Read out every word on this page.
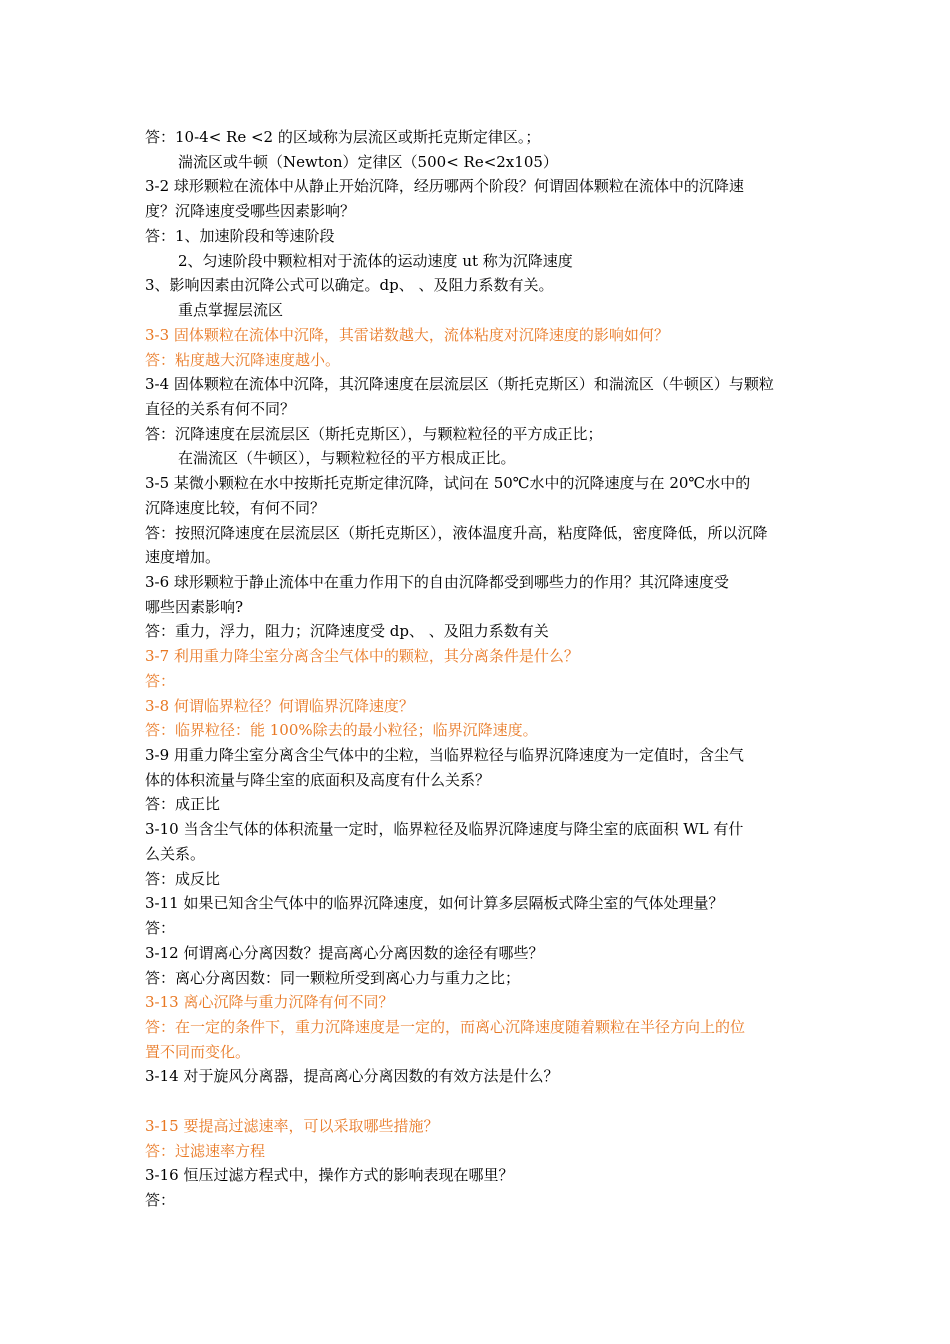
答：10-4< Re <2 的区域称为层流区或斯托克斯定律区。；

湍流区或牛顿（Newton）定律区（500< Re<2x105）

3-2 球形颗粒在流体中从静止开始沉降，经历哪两个阶段？何谓固体颗粒在流体中的沉降速

度？沉降速度受哪些因素影响？

答：1、加速阶段和等速阶段

2、匀速阶段中颗粒相对于流体的运动速度 ut 称为沉降速度

3、影响因素由沉降公式可以确定。dp、 、及阻力系数有关。

重点掌握层流区

3-3 固体颗粒在流体中沉降，其雷诺数越大，流体粘度对沉降速度的影响如何？

答：粘度越大沉降速度越小。

3-4 固体颗粒在流体中沉降，其沉降速度在层流层区（斯托克斯区）和湍流区（牛顿区）与颗粒

直径的关系有何不同？

答：沉降速度在层流层区（斯托克斯区），与颗粒粒径的平方成正比；

在湍流区（牛顿区），与颗粒粒径的平方根成正比。

3-5 某微小颗粒在水中按斯托克斯定律沉降，试问在 50℃水中的沉降速度与在 20℃水中的

沉降速度比较，有何不同？

答：按照沉降速度在层流层区（斯托克斯区），液体温度升高，粘度降低，密度降低，所以沉降

速度增加。

3-6 球形颗粒于静止流体中在重力作用下的自由沉降都受到哪些力的作用？其沉降速度受

哪些因素影响?

答：重力，浮力，阻力；沉降速度受 dp、 、及阻力系数有关

3-7 利用重力降尘室分离含尘气体中的颗粒，其分离条件是什么？

答：

3-8 何谓临界粒径？何谓临界沉降速度？

答：临界粒径：能 100%除去的最小粒径；临界沉降速度。

3-9 用重力降尘室分离含尘气体中的尘粒，当临界粒径与临界沉降速度为一定值时，含尘气

体的体积流量与降尘室的底面积及高度有什么关系？

答：成正比

3-10 当含尘气体的体积流量一定时，临界粒径及临界沉降速度与降尘室的底面积 WL 有什

么关系。

答：成反比

3-11 如果已知含尘气体中的临界沉降速度，如何计算多层隔板式降尘室的气体处理量？

答：

3-12 何谓离心分离因数？提高离心分离因数的途径有哪些？

答：离心分离因数：同一颗粒所受到离心力与重力之比；

3-13 离心沉降与重力沉降有何不同？

答：在一定的条件下，重力沉降速度是一定的，而离心沉降速度随着颗粒在半径方向上的位

置不同而变化。

3-14 对于旋风分离器，提高离心分离因数的有效方法是什么？

3-15 要提高过滤速率，可以采取哪些措施？

答：过滤速率方程

3-16 恒压过滤方程式中，操作方式的影响表现在哪里？

答：
